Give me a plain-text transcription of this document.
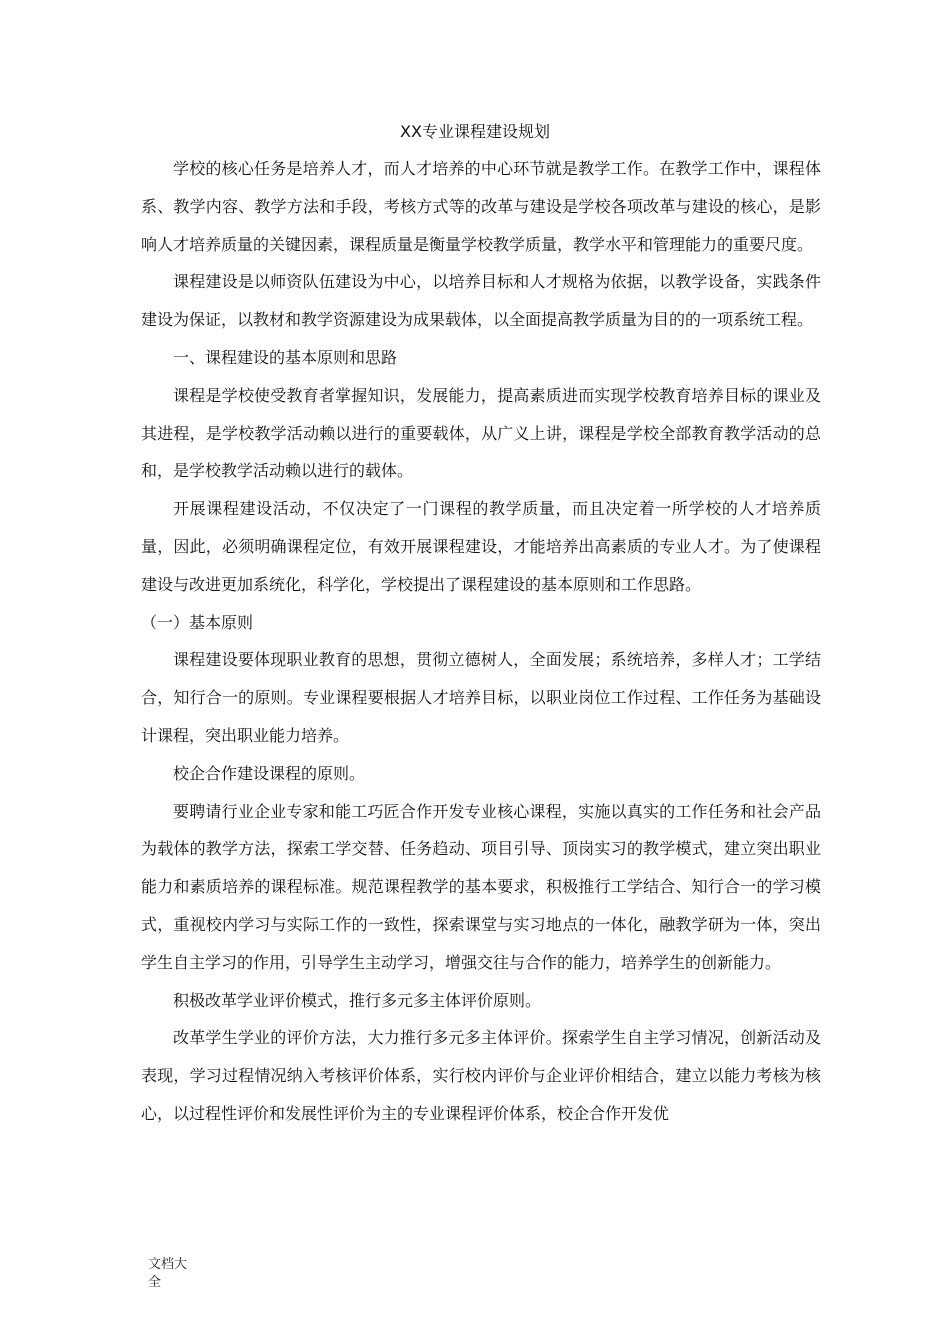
XX专业课程建设规划

学校的核心任务是培养人才，而人才培养的中心环节就是教学工作。在教学工作中，课程体系、教学内容、教学方法和手段，考核方式等的改革与建设是学校各项改革与建设的核心，是影响人才培养质量的关键因素，课程质量是衡量学校教学质量，教学水平和管理能力的重要尺度。

课程建设是以师资队伍建设为中心，以培养目标和人才规格为依据，以教学设备，实践条件建设为保证，以教材和教学资源建设为成果载体，以全面提高教学质量为目的的一项系统工程。

一、课程建设的基本原则和思路

课程是学校使受教育者掌握知识，发展能力，提高素质进而实现学校教育培养目标的课业及其进程，是学校教学活动赖以进行的重要载体，从广义上讲，课程是学校全部教育教学活动的总和，是学校教学活动赖以进行的载体。

开展课程建设活动，不仅决定了一门课程的教学质量，而且决定着一所学校的人才培养质量，因此，必须明确课程定位，有效开展课程建设，才能培养出高素质的专业人才。为了使课程建设与改进更加系统化，科学化，学校提出了课程建设的基本原则和工作思路。

（一）基本原则

课程建设要体现职业教育的思想，贯彻立德树人，全面发展；系统培养，多样人才；工学结合，知行合一的原则。专业课程要根据人才培养目标，以职业岗位工作过程、工作任务为基础设计课程，突出职业能力培养。

校企合作建设课程的原则。

要聘请行业企业专家和能工巧匠合作开发专业核心课程，实施以真实的工作任务和社会产品为载体的教学方法，探索工学交替、任务趋动、项目引导、顶岗实习的教学模式，建立突出职业能力和素质培养的课程标准。规范课程教学的基本要求，积极推行工学结合、知行合一的学习模式，重视校内学习与实际工作的一致性，探索课堂与实习地点的一体化，融教学研为一体，突出学生自主学习的作用，引导学生主动学习，增强交往与合作的能力，培养学生的创新能力。

积极改革学业评价模式，推行多元多主体评价原则。

改革学生学业的评价方法，大力推行多元多主体评价。探索学生自主学习情况，创新活动及表现，学习过程情况纳入考核评价体系，实行校内评价与企业评价相结合，建立以能力考核为核心，以过程性评价和发展性评价为主的专业课程评价体系，校企合作开发优

文档大全
